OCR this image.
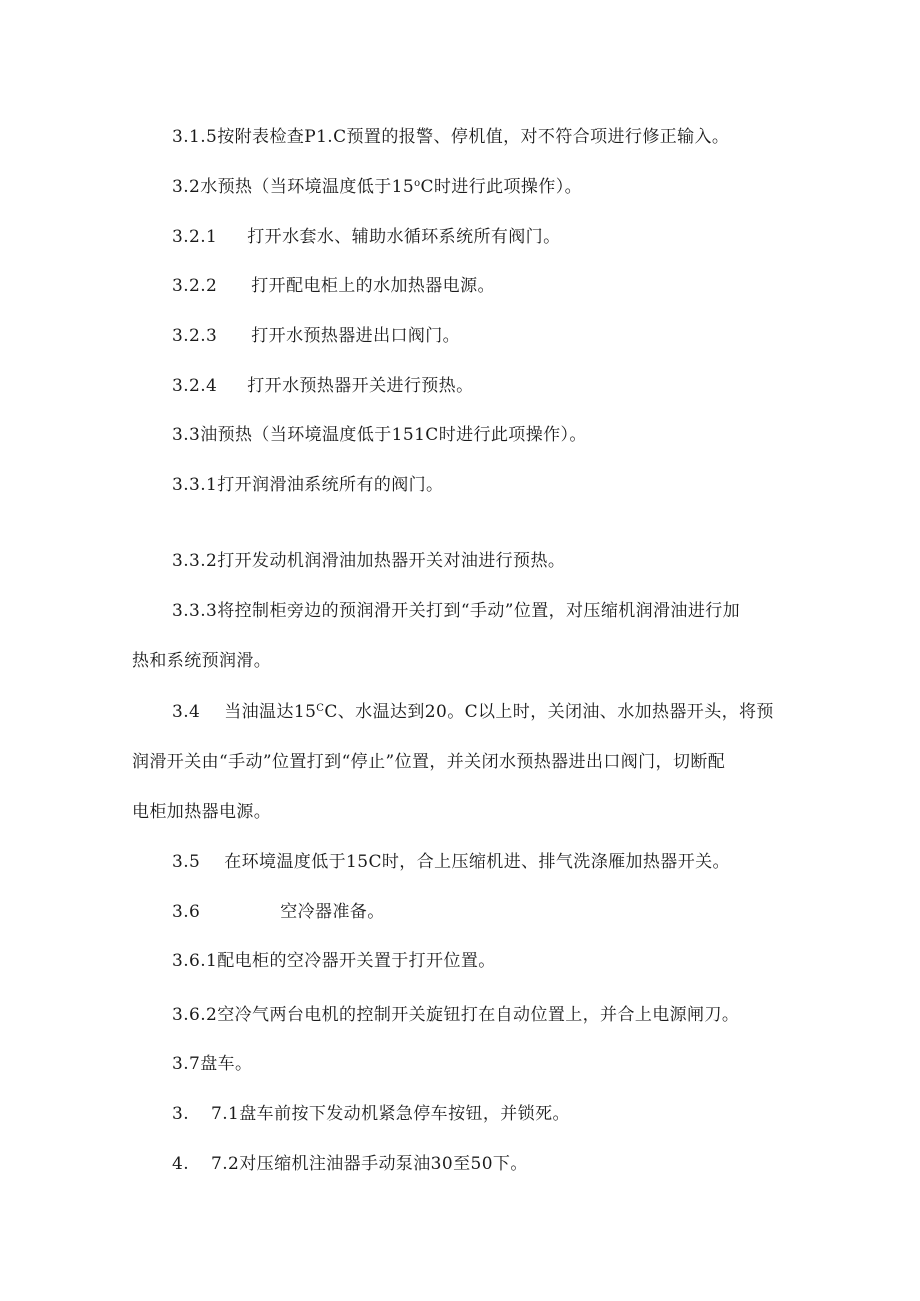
3.1.5按附表检查P1.C预置的报警、停机值，对不符合项进行修正输入。
3.2水预热（当环境温度低于15$^o$C时进行此项操作）。
3.2.1 打开水套水、辅助水循环系统所有阀门。
3.2.2 打开配电柜上的水加热器电源。
3.2.3 打开水预热器进出口阀门。
3.2.4 打开水预热器开关进行预热。
3.3油预热（当环境温度低于151C时进行此项操作）。
3.3.1打开润滑油系统所有的阀门。
3.3.2打开发动机润滑油加热器开关对油进行预热。
3.3.3将控制柜旁边的预润滑开关打到“手动”位置，对压缩机润滑油进行加
热和系统预润滑。
3.4 当油温达$15^CC$、水温达到20。C以上时，关闭油、水加热器开头，将预
润滑开关由“手动”位置打到“停止”位置，并关闭水预热器进出口阀门，切断配
电柜加热器电源。
3.5 在环境温度低于15C时，合上压缩机进、排气洗涤雁加热器开关。
3.6	空冷器准备。
3.6.1配电柜的空冷器开关置于打开位置。
3.6.2空冷气两台电机的控制开关旋钮打在自动位置上，并合上电源闸刀。
3.7盘车。
3. 7.1盘车前按下发动机紧急停车按钮，并锁死。
4. 7.2对压缩机注油器手动泵油30至50下。
